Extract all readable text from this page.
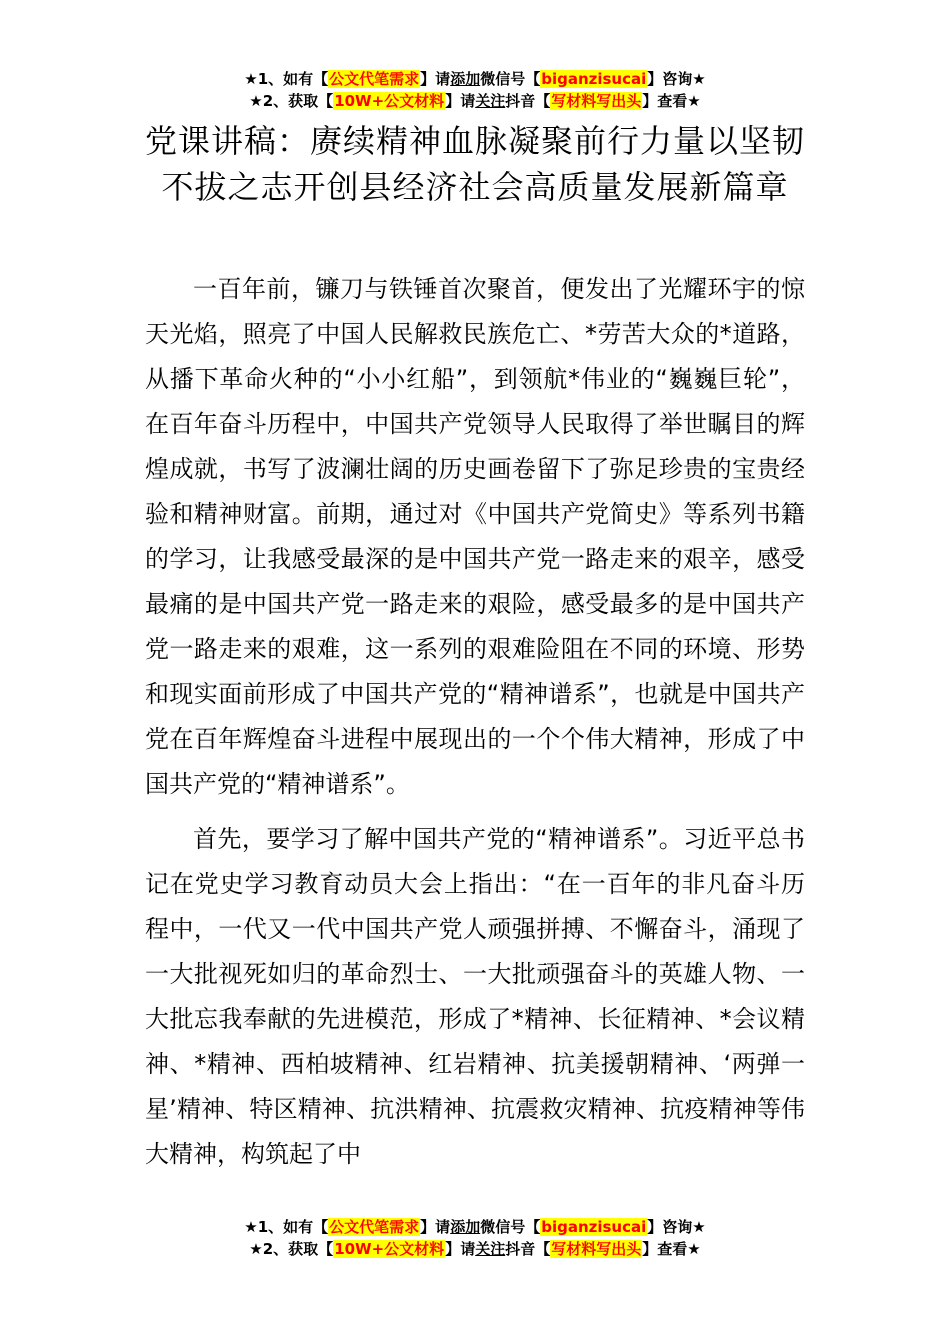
★1、如有【公文代笔需求】请添加微信号【biganzisucai】咨询★
★2、获取【10W+公文材料】请关注抖音【写材料写出头】查看★
党课讲稿：赓续精神血脉凝聚前行力量以坚韧不拔之志开创县经济社会高质量发展新篇章

一百年前，镰刀与铁锤首次聚首，便发出了光耀环宇的惊天光焰，照亮了中国人民解救民族危亡、*劳苦大众的*道路，从播下革命火种的“小小红船”，到领航*伟业的“巍巍巨轮”，在百年奋斗历程中，中国共产党领导人民取得了举世瞩目的辉煌成就，书写了波澜壮阔的历史画卷留下了弥足珍贵的宝贵经验和精神财富。前期，通过对《中国共产党简史》等系列书籍的学习，让我感受最深的是中国共产党一路走来的艰辛，感受最痛的是中国共产党一路走来的艰险，感受最多的是中国共产党一路走来的艰难，这一系列的艰难险阻在不同的环境、形势和现实面前形成了中国共产党的“精神谱系”，也就是中国共产党在百年辉煌奋斗进程中展现出的一个个伟大精神，形成了中国共产党的“精神谱系”。

首先，要学习了解中国共产党的“精神谱系”。习近平总书记在党史学习教育动员大会上指出：“在一百年的非凡奋斗历程中，一代又一代中国共产党人顽强拼搏、不懈奋斗，涌现了一大批视死如归的革命烈士、一大批顽强奋斗的英雄人物、一大批忘我奉献的先进模范，形成了*精神、长征精神、*会议精神、*精神、西柏坡精神、红岩精神、抗美援朝精神、‘两弹一星’精神、特区精神、抗洪精神、抗震救灾精神、抗疫精神等伟大精神，构筑起了中

★1、如有【公文代笔需求】请添加微信号【biganzisucai】咨询★
★2、获取【10W+公文材料】请关注抖音【写材料写出头】查看★
